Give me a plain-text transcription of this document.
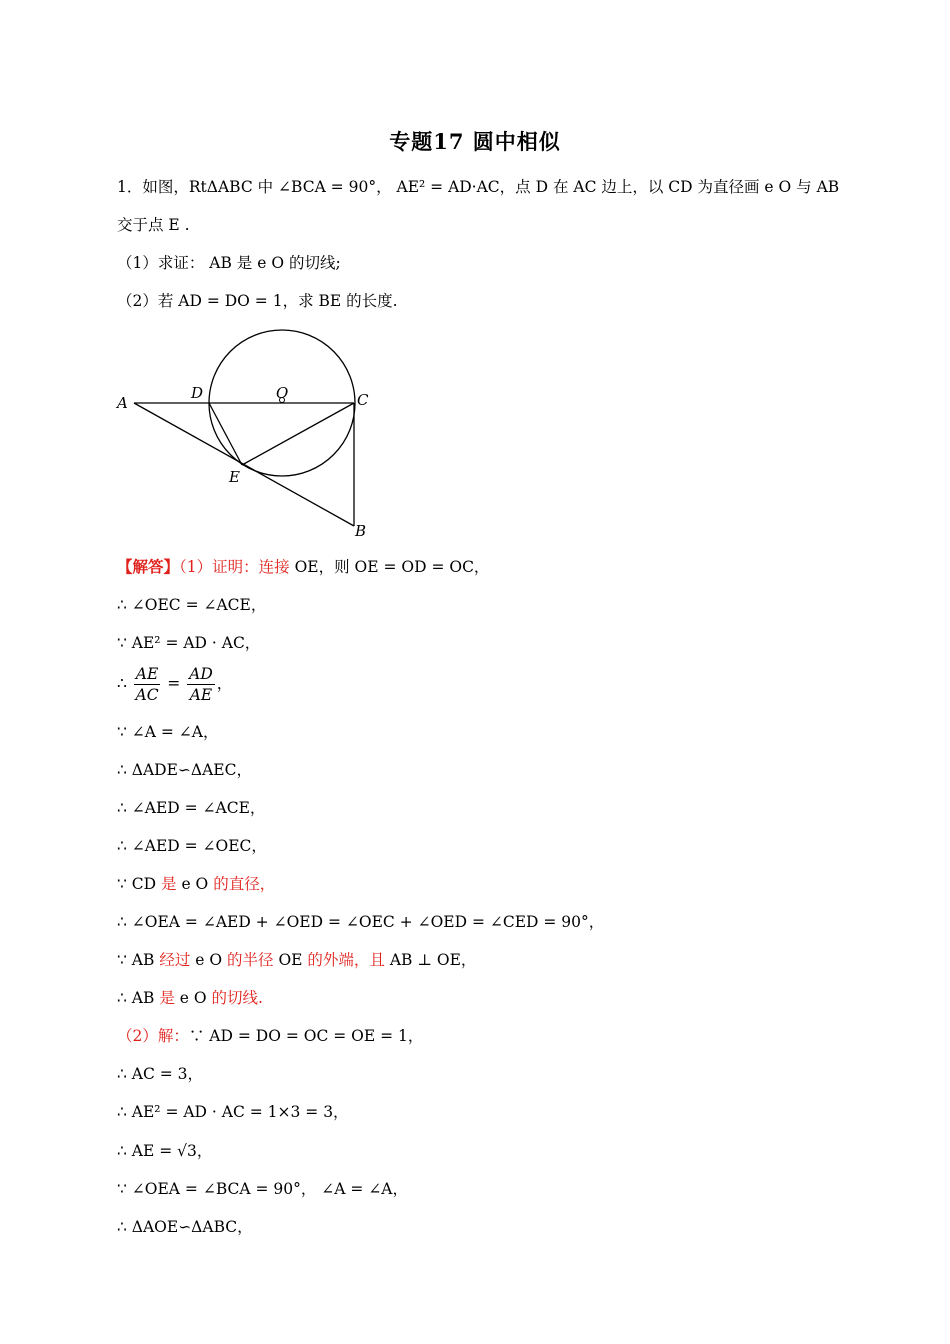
专题17 圆中相似
1．如图，RtΔABC 中 ∠BCA = 90°， AE² = AD·AC，点 D 在 AC 边上，以 CD 为直径画 e O 与 AB
交于点 E .
（1）求证： AB 是 e O 的切线;
（2）若 AD = DO = 1，求 BE 的长度.
A
D	O	C
E
B
【解答】（1）证明：连接 OE，则 OE = OD = OC，
∴ ∠OEC = ∠ACE，
∵ AE² = AD · AC，
∴ $\frac{AE}{AC} = \frac{AD}{AE}$ ，
∵ ∠A = ∠A，
∴ ΔADE∽ΔAEC，
∴ ∠AED = ∠ACE，
∴ ∠AED = ∠OEC，
∵ CD 是 e O 的直径，
∴ ∠OEA = ∠AED + ∠OED = ∠OEC + ∠OED = ∠CED = 90°，
∵ AB 经过 e O 的半径 OE 的外端，且 AB ⊥ OE，
∴ AB 是 e O 的切线.
（2）解：∵ AD = DO = OC = OE = 1，
∴ AC = 3，
∴ AE² = AD · AC = 1×3 = 3，
∴ AE = √3，
∵ ∠OEA = ∠BCA = 90°， ∠A = ∠A，
∴ ΔAOE∽ΔABC，
